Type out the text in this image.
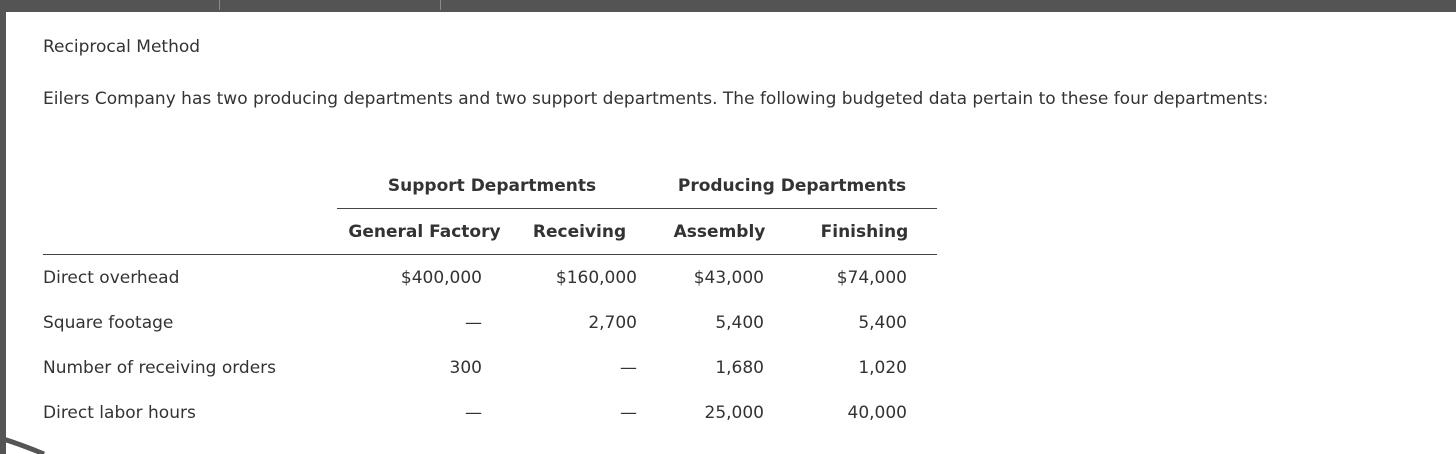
Reciprocal Method

Eilers Company has two producing departments and two support departments. The following budgeted data pertain to these four departments:

	Support Departments		Producing Departments	
	General Factory	Receiving	Assembly	Finishing
Direct overhead	$400,000	$160,000	$43,000	$74,000
Square footage	—	2,700	5,400	5,400
Number of receiving orders	300	—	1,680	1,020
Direct labor hours	—	—	25,000	40,000
